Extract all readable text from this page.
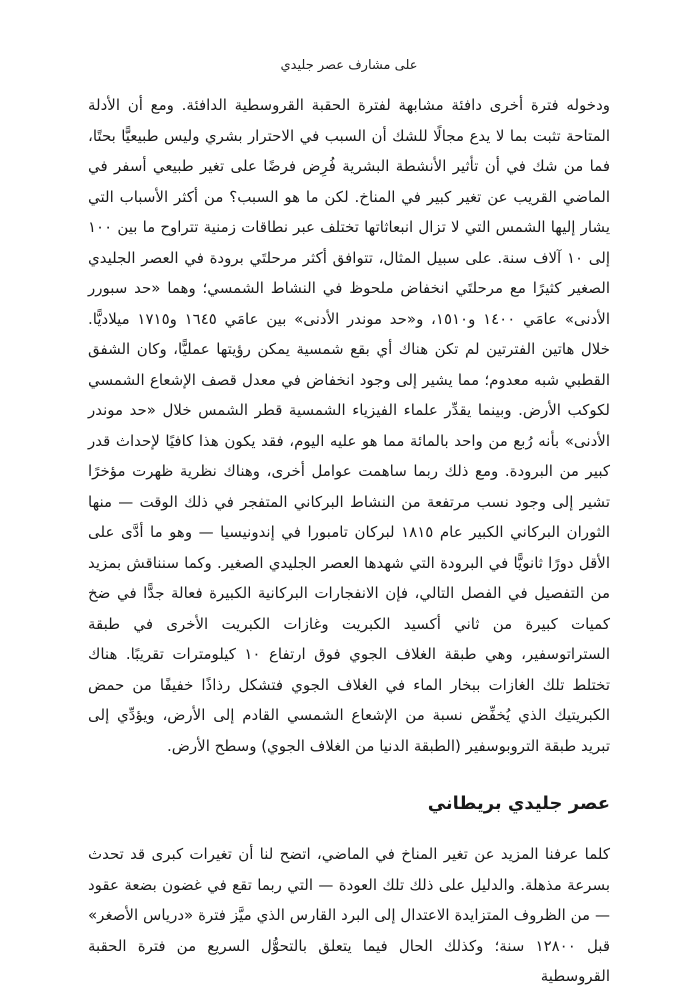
على مشارف عصر جليدي

ودخوله فترة أخرى دافئة مشابهة لفترة الحقبة القروسطية الدافئة. ومع أن الأدلة المتاحة تثبت بما لا يدع مجالًا للشك أن السبب في الاحترار بشري وليس طبيعيًّا بحتًا، فما من شك في أن تأثير الأنشطة البشرية فُرِض فرضًا على تغير طبيعي أسفر في الماضي القريب عن تغير كبير في المناخ. لكن ما هو السبب؟ من أكثر الأسباب التي يشار إليها الشمس التي لا تزال انبعاثاتها تختلف عبر نطاقات زمنية تتراوح ما بين ١٠٠ إلى ١٠ آلاف سنة. على سبيل المثال، تتوافق أكثر مرحلتَي برودة في العصر الجليدي الصغير كثيرًا مع مرحلتَي انخفاض ملحوظ في النشاط الشمسي؛ وهما «حد سبورر الأدنى» عامَي ١٤٠٠ و١٥١٠، و«حد موندر الأدنى» بين عامَي ١٦٤٥ و١٧١٥ ميلاديًّا. خلال هاتين الفترتين لم تكن هناك أي بقع شمسية يمكن رؤيتها عمليًّا، وكان الشفق القطبي شبه معدوم؛ مما يشير إلى وجود انخفاض في معدل قصف الإشعاع الشمسي لكوكب الأرض. وبينما يقدِّر علماء الفيزياء الشمسية قطر الشمس خلال «حد موندر الأدنى» بأنه رُبع من واحد بالمائة مما هو عليه اليوم، فقد يكون هذا كافيًا لإحداث قدر كبير من البرودة. ومع ذلك ربما ساهمت عوامل أخرى، وهناك نظرية ظهرت مؤخرًا تشير إلى وجود نسب مرتفعة من النشاط البركاني المتفجر في ذلك الوقت — منها الثوران البركاني الكبير عام ١٨١٥ لبركان تامبورا في إندونيسيا — وهو ما أدَّى على الأقل دورًا ثانويًّا في البرودة التي شهدها العصر الجليدي الصغير. وكما سنناقش بمزيد من التفصيل في الفصل التالي، فإن الانفجارات البركانية الكبيرة فعالة جدًّا في ضخ كميات كبيرة من ثاني أكسيد الكبريت وغازات الكبريت الأخرى في طبقة الستراتوسفير، وهي طبقة الغلاف الجوي فوق ارتفاع ١٠ كيلومترات تقريبًا. هناك تختلط تلك الغازات ببخار الماء في الغلاف الجوي فتشكل رذاذًا خفيفًا من حمض الكبريتيك الذي يُخفِّض نسبة من الإشعاع الشمسي القادم إلى الأرض، ويؤدِّي إلى تبريد طبقة التروبوسفير (الطبقة الدنيا من الغلاف الجوي) وسطح الأرض.

عصر جليدي بريطاني

كلما عرفنا المزيد عن تغير المناخ في الماضي، اتضح لنا أن تغيرات كبرى قد تحدث بسرعة مذهلة. والدليل على ذلك تلك العودة — التي ربما تقع في غضون بضعة عقود — من الظروف المتزايدة الاعتدال إلى البرد القارس الذي ميَّز فترة «درياس الأصغر» قبل ١٢٨٠٠ سنة؛ وكذلك الحال فيما يتعلق بالتحوُّل السريع من فترة الحقبة القروسطية
